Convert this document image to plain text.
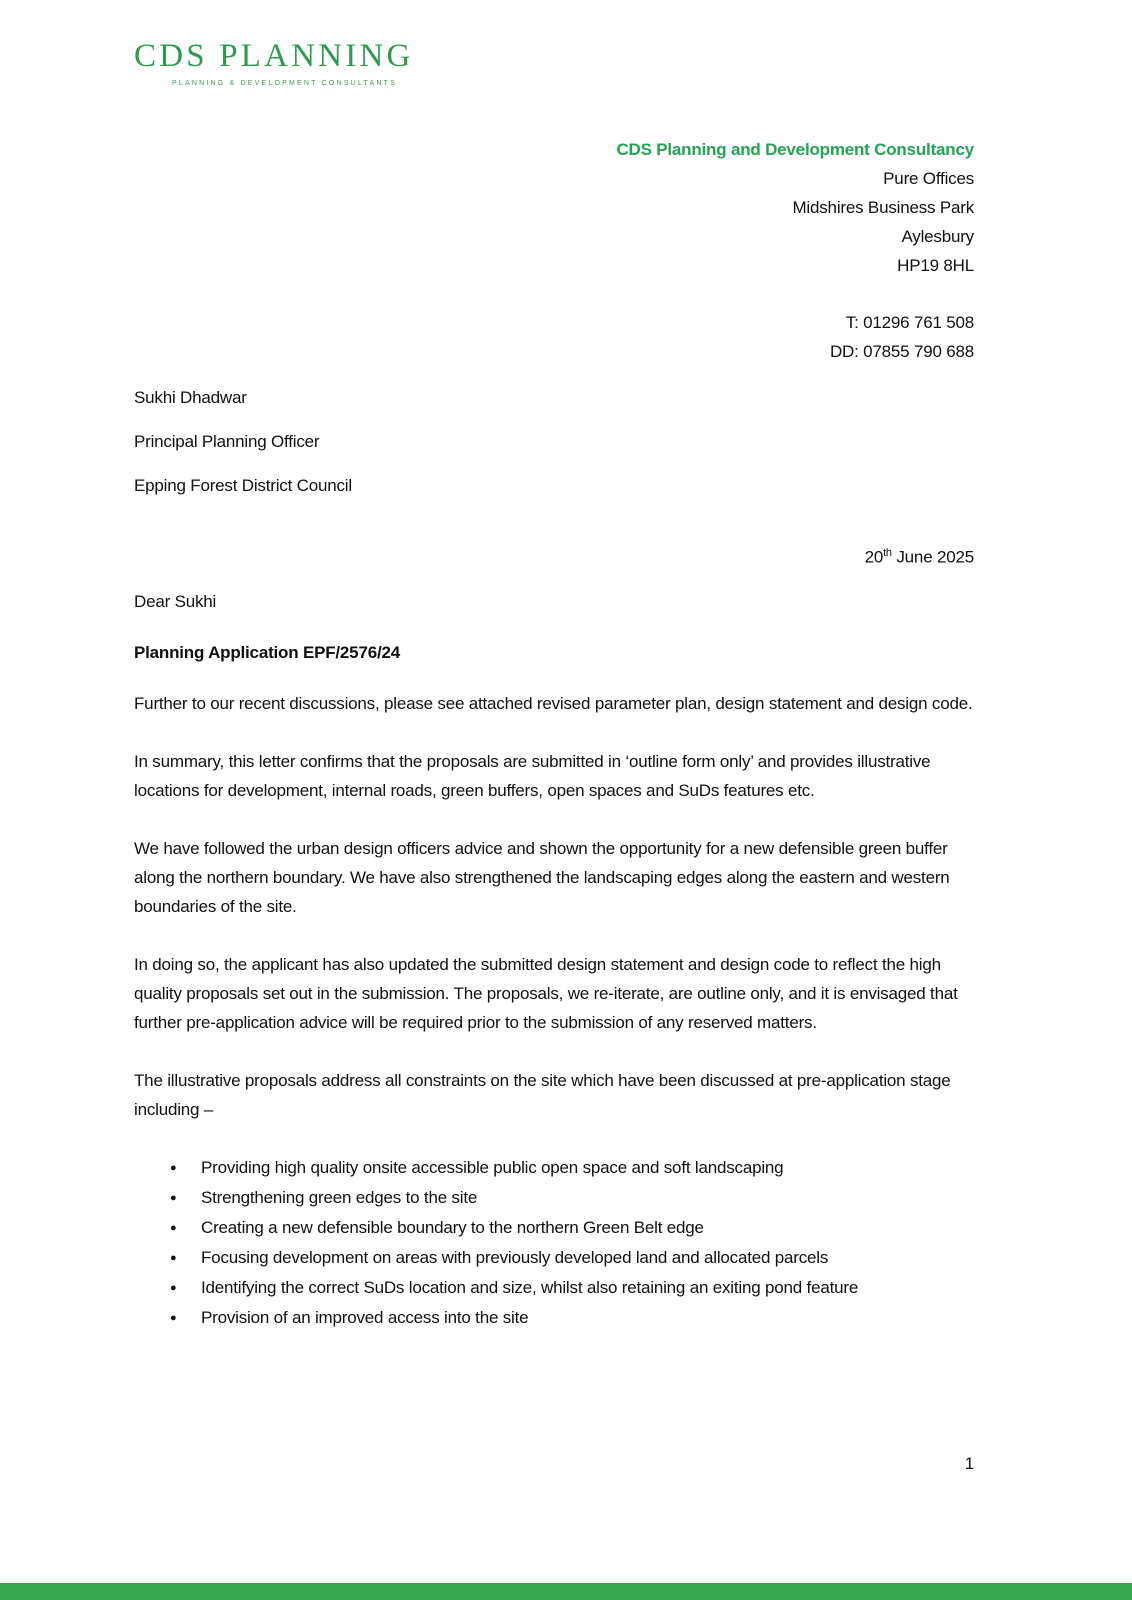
CDS PLANNING
PLANNING & DEVELOPMENT CONSULTANTS
CDS Planning and Development Consultancy
Pure Offices
Midshires Business Park
Aylesbury
HP19 8HL
T: 01296 761 508
DD: 07855 790 688
Sukhi Dhadwar
Principal Planning Officer
Epping Forest District Council
20th June 2025

Dear Sukhi

Planning Application EPF/2576/24

Further to our recent discussions, please see attached revised parameter plan, design statement and design code.

In summary, this letter confirms that the proposals are submitted in ‘outline form only’ and provides illustrative locations for development, internal roads, green buffers, open spaces and SuDs features etc.

We have followed the urban design officers advice and shown the opportunity for a new defensible green buffer along the northern boundary. We have also strengthened the landscaping edges along the eastern and western boundaries of the site.

In doing so, the applicant has also updated the submitted design statement and design code to reflect the high quality proposals set out in the submission. The proposals, we re-iterate, are outline only, and it is envisaged that further pre-application advice will be required prior to the submission of any reserved matters.

The illustrative proposals address all constraints on the site which have been discussed at pre-application stage including –

● Providing high quality onsite accessible public open space and soft landscaping
● Strengthening green edges to the site
● Creating a new defensible boundary to the northern Green Belt edge
● Focusing development on areas with previously developed land and allocated parcels
● Identifying the correct SuDs location and size, whilst also retaining an exiting pond feature
● Provision of an improved access into the site
1
